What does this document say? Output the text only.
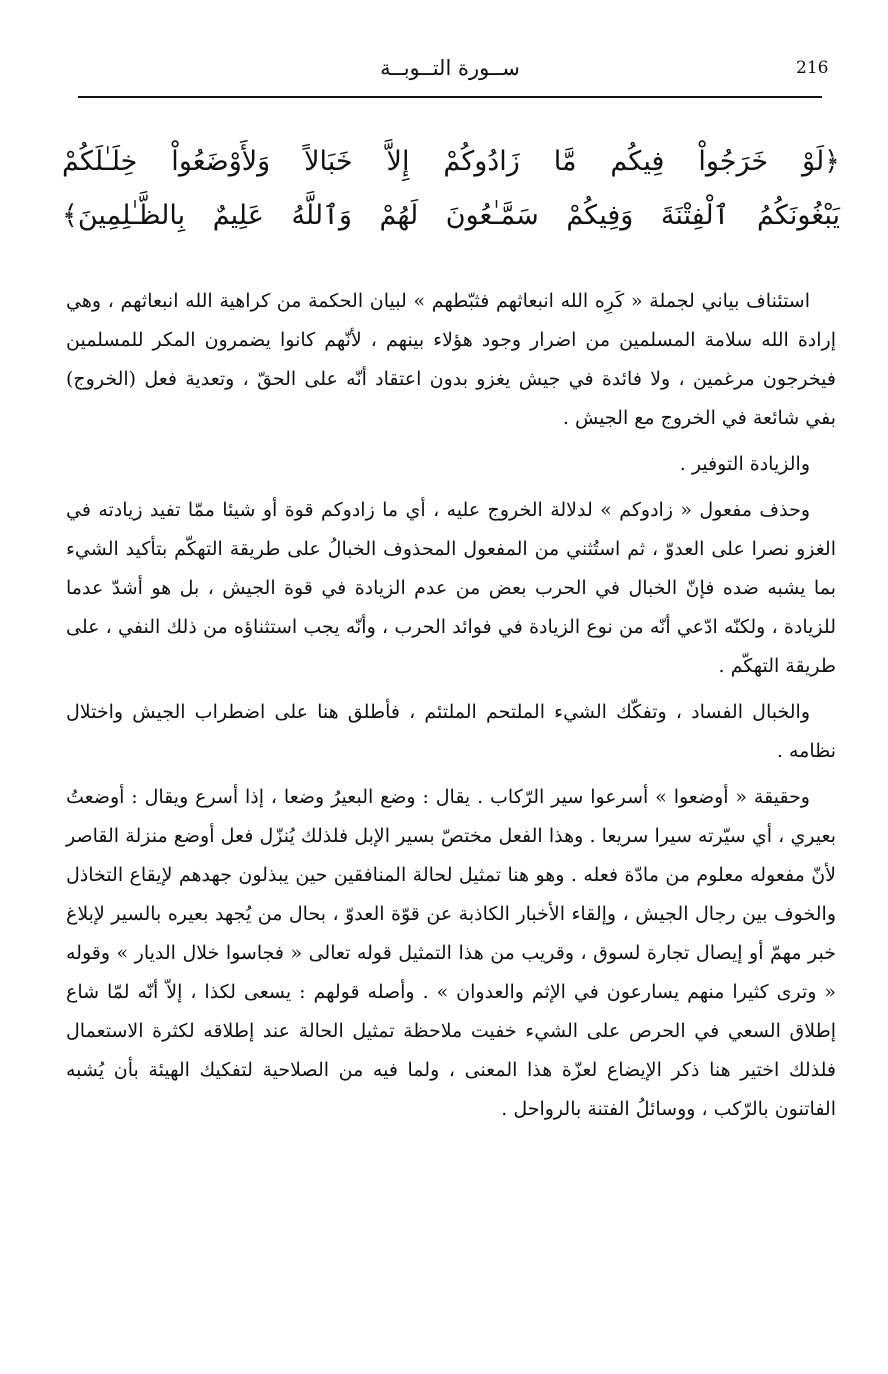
216
ســورة التــوبــة
﴿لَوْ خَرَجُواْ فِيكُم مَّا زَادُوكُمْ إِلاَّ خَبَالاً وَلأَوْضَعُواْ خِلَـٰلَكُمْ
يَبْغُونَكُمُ ٱلْفِتْنَةَ وَفِيكُمْ سَمَّـٰعُونَ لَهُمْ وَٱللَّهُ عَلِيمٌ بِالظَّـٰلِمِينَ﴾

استئناف بياني لجملة « كَرِه الله انبعاثهم فثبّطهم » لبيان الحكمة من كراهية الله انبعاثهم ، وهي إرادة الله سلامة المسلمين من اضرار وجود هؤلاء بينهم ، لأنّهم كانوا يضمرون المكر للمسلمين فيخرجون مرغمين ، ولا فائدة في جيش يغزو بدون اعتقاد أنّه على الحقّ ، وتعدية فعل (الخروج) بفي شائعة في الخروج مع الجيش .

والزيادة التوفير .

وحذف مفعول « زادوكم » لدلالة الخروج عليه ، أي ما زادوكم قوة أو شيئا ممّا تفيد زيادته في الغزو نصرا على العدوّ ، ثم استُثني من المفعول المحذوف الخبالُ على طريقة التهكّم بتأكيد الشيء بما يشبه ضده فإنّ الخبال في الحرب بعض من عدم الزيادة في قوة الجيش ، بل هو أشدّ عدما للزيادة ، ولكنّه ادّعي أنّه من نوع الزيادة في فوائد الحرب ، وأنّه يجب استثناؤه من ذلك النفي ، على طريقة التهكّم .

والخبال الفساد ، وتفكّك الشيء الملتحم الملتئم ، فأطلق هنا على اضطراب الجيش واختلال نظامه .

وحقيقة « أوضعوا » أسرعوا سير الرّكاب . يقال : وضع البعيرُ وضعا ، إذا أسرع ويقال : أوضعتُ بعيري ، أي سيّرته سيرا سريعا . وهذا الفعل مختصّ بسير الإبل فلذلك يُنزّل فعل أوضع منزلة القاصر لأنّ مفعوله معلوم من مادّة فعله . وهو هنا تمثيل لحالة المنافقين حين يبذلون جهدهم لإيقاع التخاذل والخوف بين رجال الجيش ، وإلقاء الأخبار الكاذبة عن قوّة العدوّ ، بحال من يُجهد بعيره بالسير لإبلاغ خبر مهمّ أو إيصال تجارة لسوق ، وقريب من هذا التمثيل قوله تعالى « فجاسوا خلال الديار » وقوله « وترى كثيرا منهم يسارعون في الإثم والعدوان » . وأصله قولهم : يسعى لكذا ، إلاّ أنّه لمّا شاع إطلاق السعي في الحرص على الشيء خفيت ملاحظة تمثيل الحالة عند إطلاقه لكثرة الاستعمال فلذلك اختير هنا ذكر الإيضاع لعزّة هذا المعنى ، ولما فيه من الصلاحية لتفكيك الهيئة بأن يُشبه الفاتنون بالرّكب ، ووسائلُ الفتنة بالرواحل .
